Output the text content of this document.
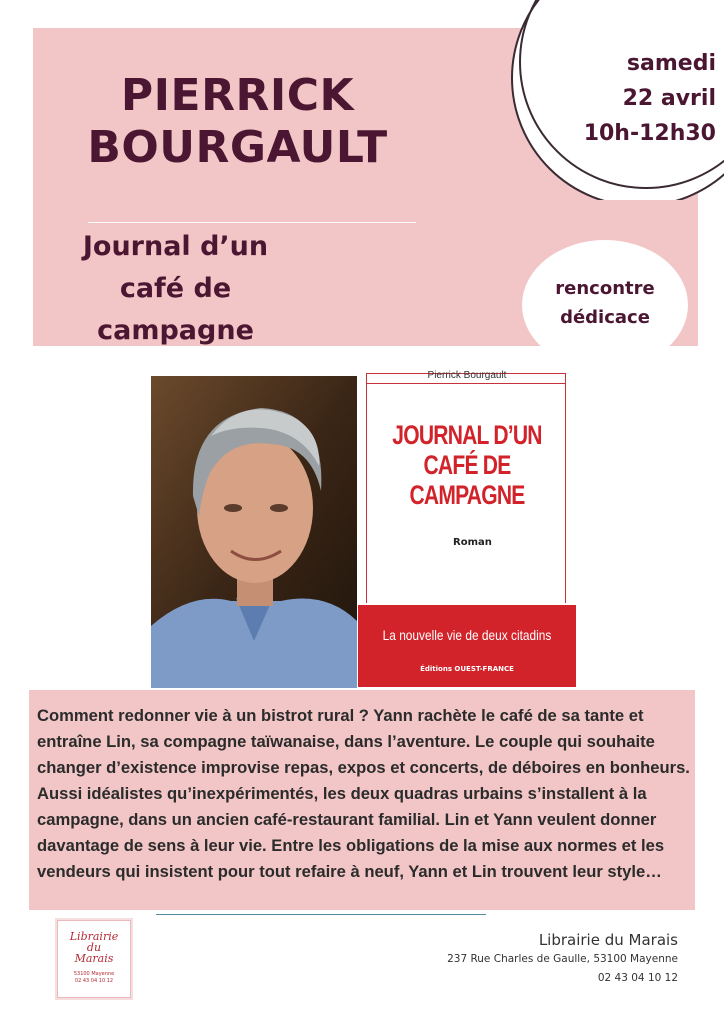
PIERRICK BOURGAULT
Journal d’un café de campagne
samedi
22 avril
10h-12h30
rencontre
dédicace
Pierrick Bourgault
JOURNAL D’UN CAFÉ DE CAMPAGNE
Roman
La nouvelle vie de deux citadins
Éditions OUEST-FRANCE
Comment redonner vie à un bistrot rural ? Yann rachète le café de sa tante et entraîne Lin, sa compagne taïwanaise, dans l’aventure. Le couple qui souhaite changer d’existence improvise repas, expos et concerts, de déboires en bonheurs. Aussi idéalistes qu’inexpérimentés, les deux quadras urbains s’installent à la campagne, dans un ancien café-restaurant familial. Lin et Yann veulent donner davantage de sens à leur vie. Entre les obligations de la mise aux normes et les vendeurs qui insistent pour tout refaire à neuf, Yann et Lin trouvent leur style…
Librairie
du
Marais
53100 Mayenne
02 43 04 10 12
Librairie du Marais
237 Rue Charles de Gaulle, 53100 Mayenne
02 43 04 10 12
